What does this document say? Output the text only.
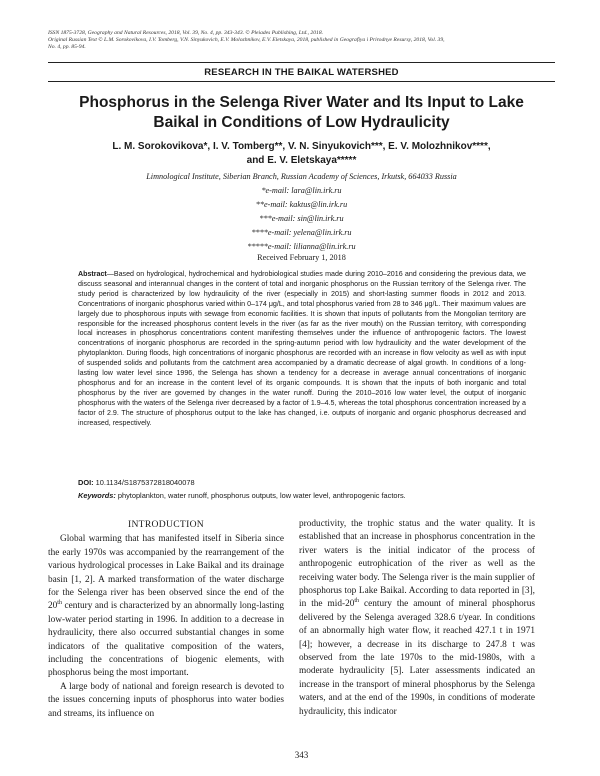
ISSN 1875-3728, Geography and Natural Resources, 2018, Vol. 39, No. 4, pp. 343-343. © Pleiades Publishing, Ltd., 2018.
Original Russian Text © L.M. Sorokovikova, I.V. Tomberg, V.N. Sinyukovich, E.V. Molozhnikov, E.V. Eletskaya, 2018, published in Geografiya i Prirodnye Resursy, 2018, Vol. 39,
No. 4, pp. 85-94.
RESEARCH IN THE BAIKAL WATERSHED
Phosphorus in the Selenga River Water and Its Input to Lake
Baikal in Conditions of Low Hydraulicity
L. M. Sorokovikova*, I. V. Tomberg**, V. N. Sinyukovich***, E. V. Molozhnikov****,
and E. V. Eletskaya*****
Limnological Institute, Siberian Branch, Russian Academy of Sciences, Irkutsk, 664033 Russia
*e-mail: lara@lin.irk.ru
**e-mail: kaktus@lin.irk.ru
***e-mail: sin@lin.irk.ru
****e-mail: yelena@lin.irk.ru
*****e-mail: lilianna@lin.irk.ru
Received February 1, 2018
Abstract—Based on hydrological, hydrochemical and hydrobiological studies made during 2010–2016 and considering the previous data, we discuss seasonal and interannual changes in the content of total and inorganic phosphorus on the Russian territory of the Selenga river. The study period is characterized by low hydraulicity of the river (especially in 2015) and short-lasting summer floods in 2012 and 2013. Concentrations of inorganic phosphorus varied within 0–174 μg/L, and total phosphorus varied from 28 to 346 μg/L. Their maximum values are largely due to phosphorous inputs with sewage from economic facilities. It is shown that inputs of pollutants from the Mongolian territory are responsible for the increased phosphorus content levels in the river (as far as the river mouth) on the Russian territory, with corresponding local increases in phosphorus concentrations content manifesting themselves under the influence of anthropogenic factors. The lowest concentrations of inorganic phosphorus are recorded in the spring-autumn period with low hydraulicity and the water development of the phytoplankton. During floods, high concentrations of inorganic phosphorus are recorded with an increase in flow velocity as well as with input of suspended solids and pollutants from the catchment area accompanied by a dramatic decrease of algal growth. In conditions of a long-lasting low water level since 1996, the Selenga has shown a tendency for a decrease in average annual concentrations of inorganic phosphorus and for an increase in the content level of its organic compounds. It is shown that the inputs of both inorganic and total phosphorus by the river are governed by changes in the water runoff. During the 2010–2016 low water level, the output of inorganic phosphorus with the waters of the Selenga river decreased by a factor of 1.9–4.5, whereas the total phosphorus concentration increased by a factor of 2.9. The structure of phosphorus output to the lake has changed, i.e. outputs of inorganic and organic phosphorus decreased and increased, respectively.
DOI: 10.1134/S1875372818040078
Keywords: phytoplankton, water runoff, phosphorus outputs, low water level, anthropogenic factors.
INTRODUCTION

Global warming that has manifested itself in Siberia since the early 1970s was accompanied by the rearrangement of the various hydrological processes in Lake Baikal and its drainage basin [1, 2]. A marked transformation of the water discharge for the Selenga river has been observed since the end of the 20th century and is characterized by an abnormally long-lasting low-water period starting in 1996. In addition to a decrease in hydraulicity, there also occurred substantial changes in some indicators of the qualitative composition of the waters, including the concentrations of biogenic elements, with phosphorus being the most important.

A large body of national and foreign research is devoted to the issues concerning inputs of phosphorus into water bodies and streams, its influence on

productivity, the trophic status and the water quality. It is established that an increase in phosphorus concentration in the river waters is the initial indicator of the process of anthropogenic eutrophication of the river as well as the receiving water body. The Selenga river is the main supplier of phosphorus top Lake Baikal. According to data reported in [3], in the mid-20th century the amount of mineral phosphorus delivered by the Selenga averaged 328.6 t/year. In conditions of an abnormally high water flow, it reached 427.1 t in 1971 [4]; however, a decrease in its discharge to 247.8 t was observed from the late 1970s to the mid-1980s, with a moderate hydraulicity [5]. Later assessments indicated an increase in the transport of mineral phosphorus by the Selenga waters, and at the end of the 1990s, in conditions of moderate hydraulicity, this indicator

343
